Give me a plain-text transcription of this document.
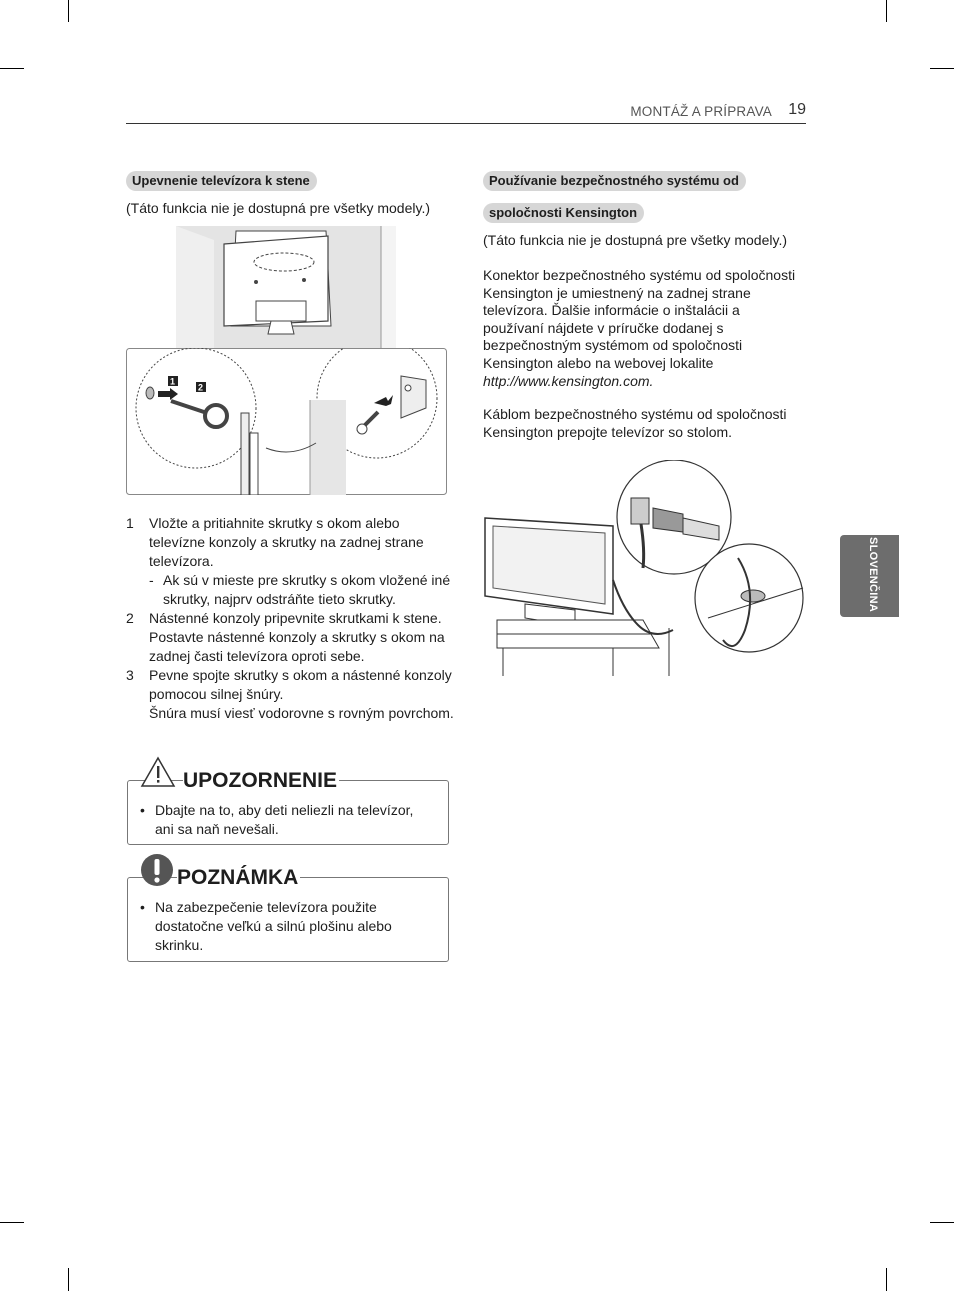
MONTÁŽ A PRÍPRAVA 19
SLOVENČINA
Upevnenie televízora k stene
(Táto funkcia nie je dostupná pre všetky modely.)
1
2
1	Vložte a pritiahnite skrutky s okom alebo televízne konzoly a skrutky na zadnej strane televízora.
- Ak sú v mieste pre skrutky s okom vložené iné skrutky, najprv odstráňte tieto skrutky.
2	Nástenné konzoly pripevnite skrutkami k stene. Postavte nástenné konzoly a skrutky s okom na zadnej časti televízora oproti sebe.
3	Pevne spojte skrutky s okom a nástenné konzoly pomocou silnej šnúry.
Šnúra musí viesť vodorovne s rovným povrchom.
UPOZORNENIE
• Dbajte na to, aby deti neliezli na televízor, ani sa naň nevešali.
POZNÁMKA
• Na zabezpečenie televízora použite dostatočne veľkú a silnú plošinu alebo skrinku.
Používanie bezpečnostného systému od
spoločnosti Kensington
(Táto funkcia nie je dostupná pre všetky modely.)
Konektor bezpečnostného systému od spoločnosti Kensington je umiestnený na zadnej strane televízora. Ďalšie informácie o inštalácii a používaní nájdete v príručke dodanej s bezpečnostným systémom od spoločnosti Kensington alebo na webovej lokalite http://www.kensington.com.
Káblom bezpečnostného systému od spoločnosti Kensington prepojte televízor so stolom.
